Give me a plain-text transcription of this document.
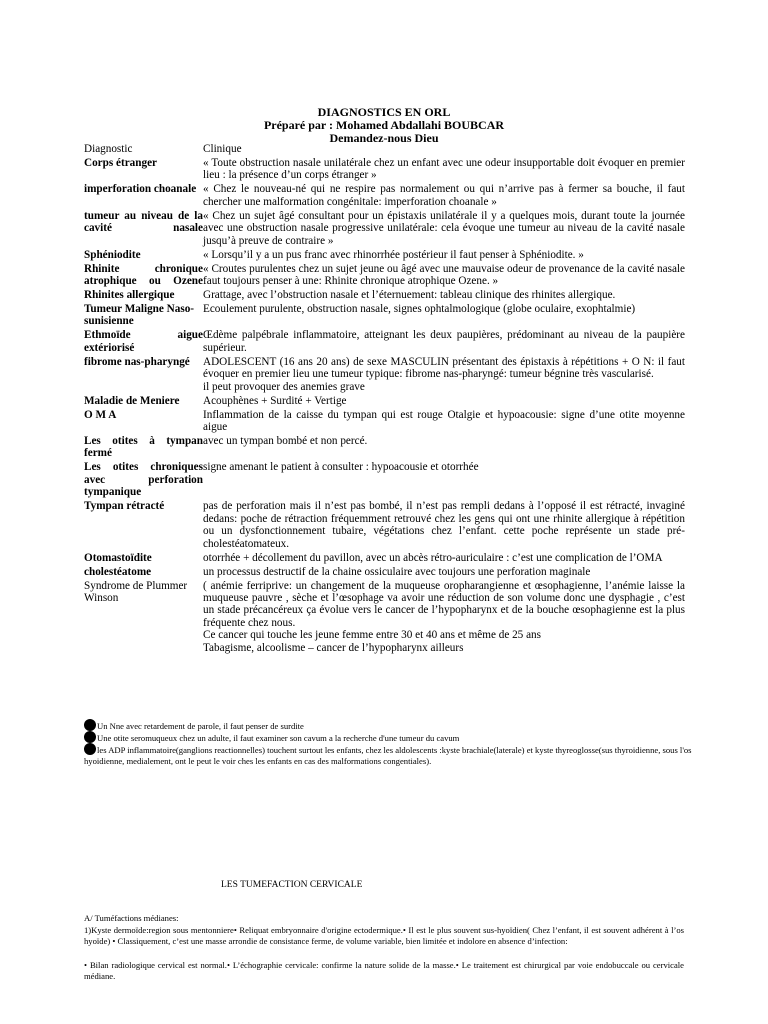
DIAGNOSTICS EN ORL
Préparé par : Mohamed Abdallahi BOUBCAR
Demandez-nous Dieu
Diagnostic	Clinique
Corps étranger	« Toute obstruction nasale unilatérale chez un enfant avec une odeur insupportable doit évoquer en premier lieu : la présence d’un corps étranger »
imperforation choanale	« Chez le nouveau-né qui ne respire pas normalement ou qui n’arrive pas à fermer sa bouche, il faut chercher une malformation congénitale: imperforation choanale »
tumeur au niveau de la cavité nasale	« Chez un sujet âgé consultant pour un épistaxis unilatérale il y a quelques mois, durant toute la journée avec une obstruction nasale progressive unilatérale: cela évoque une tumeur au niveau de la cavité nasale jusqu’à preuve de contraire »
Sphéniodite	« Lorsqu’il y a un pus franc avec rhinorrhée postérieur il faut penser à Sphéniodite. »
Rhinite chronique atrophique ou Ozene	« Croutes purulentes chez un sujet jeune ou âgé avec une mauvaise odeur de provenance de la cavité nasale faut toujours penser à une: Rhinite chronique atrophique Ozene. »
Rhinites allergique	Grattage, avec l’obstruction nasale et l’éternuement: tableau clinique des rhinites allergique.
Tumeur Maligne Naso-sunisienne	Ecoulement purulente, obstruction nasale, signes ophtalmologique (globe oculaire, exophtalmie)
Ethmoïde aigue extériorisé	Œdème palpébrale inflammatoire, atteignant les deux paupières, prédominant au niveau de la paupière supérieur.
fibrome nas-pharyngé	ADOLESCENT (16 ans 20 ans) de sexe MASCULIN présentant des épistaxis à répétitions + O N: il faut évoquer en premier lieu une tumeur typique: fibrome nas-pharyngé: tumeur bégnine très vascularisé.
il peut provoquer des anemies grave

Maladie de Meniere	Acouphènes + Surdité + Vertige
O M A	Inflammation de la caisse du tympan qui est rouge Otalgie et hypoacousie: signe d’une otite moyenne aigue
Les otites à tympan fermé	avec un tympan bombé et non percé.
Les otites chroniques avec perforation tympanique	signe amenant le patient à consulter : hypoacousie et otorrhée
Tympan rétracté	pas de perforation mais il n’est pas bombé, il n’est pas rempli dedans à l’opposé il est rétracté, invaginé dedans: poche de rétraction fréquemment retrouvé chez les gens qui ont une rhinite allergique à répétition ou un dysfonctionnement tubaire, végétations chez l’enfant. cette poche représente un stade pré-cholestéatomateux.
Otomastoïdite	otorrhée + décollement du pavillon, avec un abcès rétro-auriculaire : c’est une complication de l’OMA
cholestéatome	un processus destructif de la chaine ossiculaire avec toujours une perforation maginale
Syndrome de Plummer Winson	( anémie ferriprive: un changement de la muqueuse oropharangienne et œsophagienne, l’anémie laisse la muqueuse pauvre , sèche et l’œsophage va avoir une réduction de son volume donc une dysphagie , c’est un stade précancéreux ça évolue vers le cancer de l’hypopharynx et de la bouche œsophagienne est la plus fréquente chez nous.
Ce cancer qui touche les jeune femme entre 30 et 40 ans et même de 25 ans
Tabagisme, alcoolisme – cancer de l’hypopharynx ailleurs
Un Nne avec retardement de parole, il faut penser de surdite
Une otite seromuqueux chez un adulte, il faut examiner son cavum a la recherche d'une tumeur du cavum
les ADP inflammatoire(ganglions reactionnelles) touchent surtout les enfants, chez les aldolescents :kyste brachiale(laterale) et kyste thyreoglosse(sus thyroidienne, sous l'os hyoidienne, medialement, ont le peut le voir ches les enfants en cas des malformations congentiales).
LES TUMEFACTION CERVICALE
A/ Tuméfactions médianes:
1)Kyste dermoïde:region sous mentonniere• Reliquat embryonnaire d'origine ectodermique.• Il est le plus souvent sus-hyoïdien( Chez l’enfant, il est souvent adhérent à l’os hyoïde) • Classiquement, c’est une masse arrondie de consistance ferme, de volume variable, bien limitée et indolore en absence d’infection:
• Bilan radiologique cervical est normal.• L’échographie cervicale: confirme la nature solide de la masse.• Le traitement est chirurgical par voie endobuccale ou cervicale médiane.
